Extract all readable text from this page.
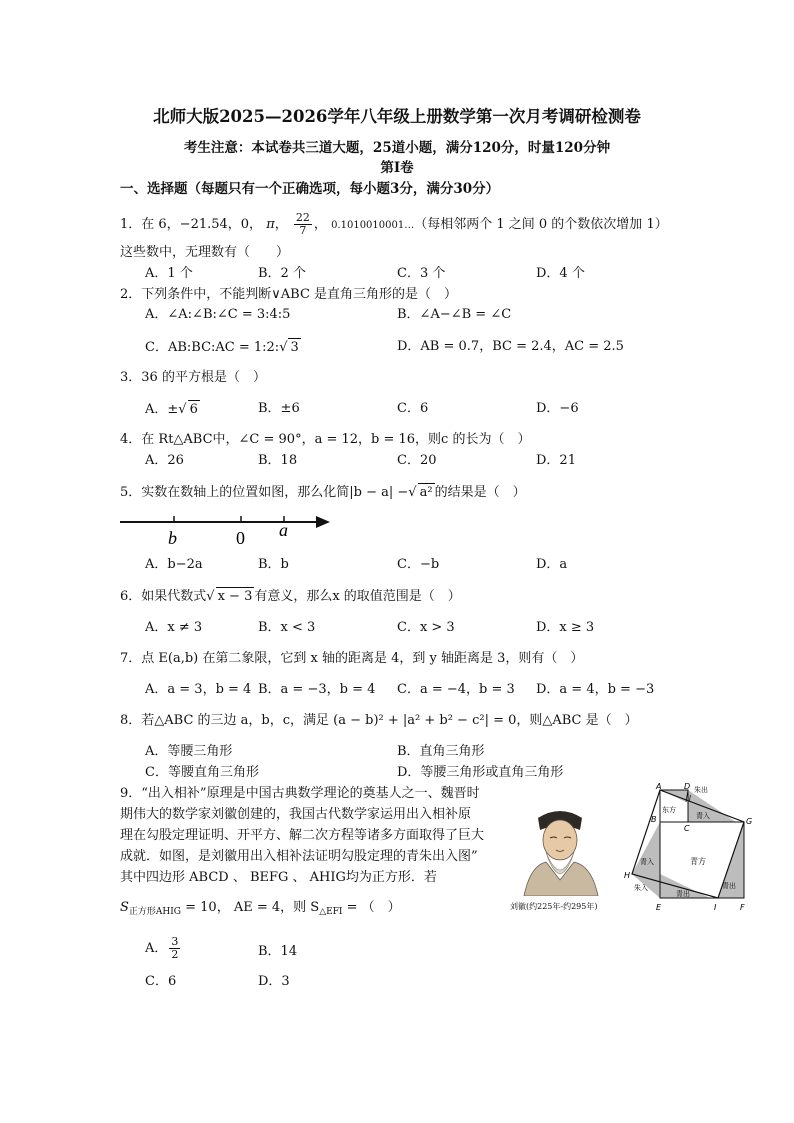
北师大版2025—2026学年八年级上册数学第一次月考调研检测卷
考生注意：本试卷共三道大题，25道小题，满分120分，时量120分钟
第Ⅰ卷
一、选择题（每题只有一个正确选项，每小题3分，满分30分）
1．在 6，−21.54，0， π， $\frac{22}{7}$ ， 0.1010010001…（每相邻两个 1 之间 0 的个数依次增加 1）
这些数中，无理数有（　　）
A．1 个	B．2 个	C．3 个	D．4 个
2．下列条件中，不能判断∨ABC 是直角三角形的是（　）
A．∠A:∠B:∠C = 3:4:5	B．∠A−∠B = ∠C
C．AB:BC:AC = 1:2:√ 3	D．AB = 0.7，BC = 2.4，AC = 2.5
3．36 的平方根是（　）
A．±√ 6	B．±6	C．6	D．−6
4．在 Rt△ABC中，∠C = 90°，a = 12，b = 16，则c 的长为（　）
A．26	B．18	C．20	D．21
5．实数在数轴上的位置如图，那么化简|b − a| −√ a² 的结果是（　）
b	0 a
A．b−2a	B．b	C．−b	D．a
6．如果代数式√ x − 3 有意义，那么x 的取值范围是（　）
A．x ≠ 3	B．x < 3	C．x > 3	D．x ≥ 3
7．点 E(a,b) 在第二象限，它到 x 轴的距离是 4，到 y 轴距离是 3，则有（　）
A．a = 3，b = 4 B．a = −3，b = 4 C．a = −4，b = 3 D．a = 4，b = −3
8．若△ABC 的三边 a，b，c，满足 (a − b)² + |a² + b² − c²| = 0，则△ABC 是（　）
A．等腰三角形	B．直角三角形
C．等腰直角三角形	D．等腰三角形或直角三角形
9．“出入相补”原理是中国古典数学理论的奠基人之一、魏晋时
期伟大的数学家刘徽创建的，我国古代数学家运用出入相补原
理在勾股定理证明、开平方、解二次方程等诸多方面取得了巨大
成就．如图，是刘徽用出入相补法证明勾股定理的青朱出入图”
其中四边形 ABCD 、 BEFG 、 AHIG均为正方形．若
$S_{正方形AHIG} = 10$， AE = 4，则 $S_{\triangle EFI}$ = （　）
A． $\frac{3}{2}$	B．14
C．6	D．3
刘徽(约225年-约295年)
A	D
J
B
C
G
H
E	I	F
朱出
东方
青入
青方
青入
朱入
青出
青出
西
